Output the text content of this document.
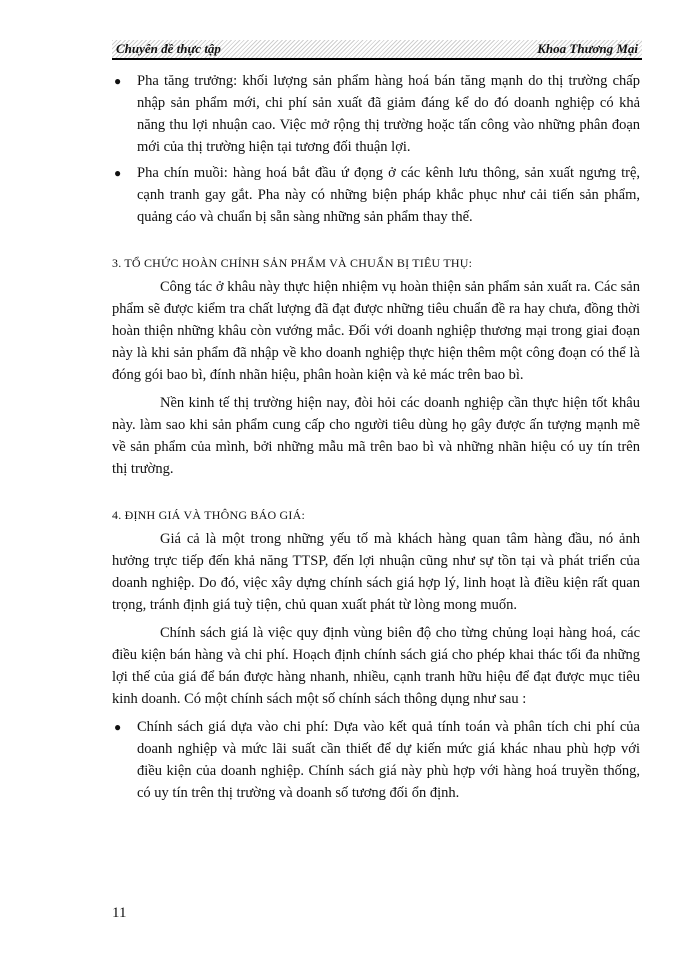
Chuyên đề thực tập	Khoa Thương Mại
● Pha tăng trưởng: khối lượng sản phẩm hàng hoá bán tăng mạnh do thị trường chấp nhập sản phẩm mới, chi phí sản xuất đã giảm đáng kể do đó doanh nghiệp có khả năng thu lợi nhuận cao. Việc mở rộng thị trường hoặc tấn công vào những phân đoạn mới của thị trường hiện tại tương đối thuận lợi.
● Pha chín muồi: hàng hoá bắt đầu ứ đọng ở các kênh lưu thông, sản xuất ngưng trệ, cạnh tranh gay gắt. Pha này có những biện pháp khắc phục như cải tiến sản phẩm, quảng cáo và chuẩn bị sẵn sàng những sản phẩm thay thế.
3. TỔ CHỨC HOÀN CHỈNH SẢN PHẨM VÀ CHUẨN BỊ TIÊU THỤ:

Công tác ở khâu này thực hiện nhiệm vụ hoàn thiện sản phẩm sản xuất ra. Các sản phẩm sẽ được kiểm tra chất lượng đã đạt được những tiêu chuẩn đề ra hay chưa, đồng thời hoàn thiện những khâu còn vướng mắc. Đối với doanh nghiệp thương mại trong giai đoạn này là khi sản phẩm đã nhập về kho doanh nghiệp thực hiện thêm một công đoạn có thể là đóng gói bao bì, đính nhãn hiệu, phân hoàn kiện và kẻ mác trên bao bì.

Nền kinh tế thị trường hiện nay, đòi hỏi các doanh nghiệp cần thực hiện tốt khâu này. làm sao khi sản phẩm cung cấp cho người tiêu dùng họ gây được ấn tượng mạnh mẽ về sản phẩm của mình, bởi những mẫu mã trên bao bì và những nhãn hiệu có uy tín trên thị trường.

4. ĐỊNH GIÁ VÀ THÔNG BÁO GIÁ:

Giá cả là một trong những yếu tố mà khách hàng quan tâm hàng đầu, nó ảnh hưởng trực tiếp đến khả năng TTSP, đến lợi nhuận cũng như sự tồn tại và phát triển của doanh nghiệp. Do đó, việc xây dựng chính sách giá hợp lý, linh hoạt là điều kiện rất quan trọng, tránh định giá tuỳ tiện, chủ quan xuất phát từ lòng mong muốn.

Chính sách giá là việc quy định vùng biên độ cho từng chủng loại hàng hoá, các điều kiện bán hàng và chi phí. Hoạch định chính sách giá cho phép khai thác tối đa những lợi thế của giá để bán được hàng nhanh, nhiều, cạnh tranh hữu hiệu để đạt được mục tiêu kinh doanh. Có một chính sách một số chính sách thông dụng như sau :

● Chính sách giá dựa vào chi phí: Dựa vào kết quả tính toán và phân tích chi phí của doanh nghiệp và mức lãi suất cần thiết để dự kiến mức giá khác nhau phù hợp với điều kiện của doanh nghiệp. Chính sách giá này phù hợp với hàng hoá truyền thống, có uy tín trên thị trường và doanh số tương đối ổn định.
11
